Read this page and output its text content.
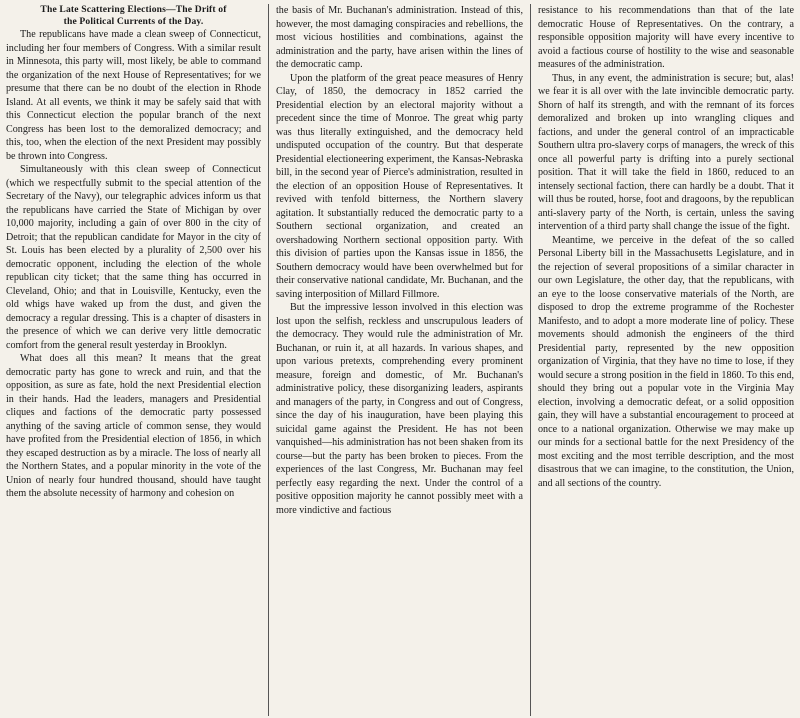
The Late Scattering Elections—The Drift of
the Political Currents of the Day.

The republicans have made a clean sweep of Connecticut, including her four members of Congress. With a similar result in Minnesota, this party will, most likely, be able to command the organization of the next House of Representatives; for we presume that there can be no doubt of the election in Rhode Island. At all events, we think it may be safely said that with this Connecticut election the popular branch of the next Congress has been lost to the demoralized democracy; and this, too, when the election of the next President may possibly be thrown into Congress.

Simultaneously with this clean sweep of Connecticut (which we respectfully submit to the special attention of the Secretary of the Navy), our telegraphic advices inform us that the republicans have carried the State of Michigan by over 10,000 majority, including a gain of over 800 in the city of Detroit; that the republican candidate for Mayor in the city of St. Louis has been elected by a plurality of 2,500 over his democratic opponent, including the election of the whole republican city ticket; that the same thing has occurred in Cleveland, Ohio; and that in Louisville, Kentucky, even the old whigs have waked up from the dust, and given the democracy a regular dressing. This is a chapter of disasters in the presence of which we can derive very little democratic comfort from the general result yesterday in Brooklyn.

What does all this mean? It means that the great democratic party has gone to wreck and ruin, and that the opposition, as sure as fate, hold the next Presidential election in their hands. Had the leaders, managers and Presidential cliques and factions of the democratic party possessed anything of the saving article of common sense, they would have profited from the Presidential election of 1856, in which they escaped destruction as by a miracle. The loss of nearly all the Northern States, and a popular minority in the vote of the Union of nearly four hundred thousand, should have taught them the absolute necessity of harmony and cohesion on

the basis of Mr. Buchanan's administration. Instead of this, however, the most damaging conspiracies and rebellions, the most vicious hostilities and combinations, against the administration and the party, have arisen within the lines of the democratic camp.

Upon the platform of the great peace measures of Henry Clay, of 1850, the democracy in 1852 carried the Presidential election by an electoral majority without a precedent since the time of Monroe. The great whig party was thus literally extinguished, and the democracy held undisputed occupation of the country. But that desperate Presidential electioneering experiment, the Kansas-Nebraska bill, in the second year of Pierce's administration, resulted in the election of an opposition House of Representatives. It revived with tenfold bitterness, the Northern slavery agitation. It substantially reduced the democratic party to a Southern sectional organization, and created an overshadowing Northern sectional opposition party. With this division of parties upon the Kansas issue in 1856, the Southern democracy would have been overwhelmed but for their conservative national candidate, Mr. Buchanan, and the saving interposition of Millard Fillmore.

But the impressive lesson involved in this election was lost upon the selfish, reckless and unscrupulous leaders of the democracy. They would rule the administration of Mr. Buchanan, or ruin it, at all hazards. In various shapes, and upon various pretexts, comprehending every prominent measure, foreign and domestic, of Mr. Buchanan's administrative policy, these disorganizing leaders, aspirants and managers of the party, in Congress and out of Congress, since the day of his inauguration, have been playing this suicidal game against the President. He has not been vanquished—his administration has not been shaken from its course—but the party has been broken to pieces. From the experiences of the last Congress, Mr. Buchanan may feel perfectly easy regarding the next. Under the control of a positive opposition majority he cannot possibly meet with a more vindictive and factious

resistance to his recommendations than that of the late democratic House of Representatives. On the contrary, a responsible opposition majority will have every incentive to avoid a factious course of hostility to the wise and seasonable measures of the administration.

Thus, in any event, the administration is secure; but, alas! we fear it is all over with the late invincible democratic party. Shorn of half its strength, and with the remnant of its forces demoralized and broken up into wrangling cliques and factions, and under the general control of an impracticable Southern ultra pro-slavery corps of managers, the wreck of this once all powerful party is drifting into a purely sectional position. That it will take the field in 1860, reduced to an intensely sectional faction, there can hardly be a doubt. That it will thus be routed, horse, foot and dragoons, by the republican anti-slavery party of the North, is certain, unless the saving intervention of a third party shall change the issue of the fight.

Meantime, we perceive in the defeat of the so called Personal Liberty bill in the Massachusetts Legislature, and in the rejection of several propositions of a similar character in our own Legislature, the other day, that the republicans, with an eye to the loose conservative materials of the North, are disposed to drop the extreme programme of the Rochester Manifesto, and to adopt a more moderate line of policy. These movements should admonish the engineers of the third Presidential party, represented by the new opposition organization of Virginia, that they have no time to lose, if they would secure a strong position in the field in 1860. To this end, should they bring out a popular vote in the Virginia May election, involving a democratic defeat, or a solid opposition gain, they will have a substantial encouragement to proceed at once to a national organization. Otherwise we may make up our minds for a sectional battle for the next Presidency of the most exciting and the most terrible description, and the most disastrous that we can imagine, to the constitution, the Union, and all sections of the country.
